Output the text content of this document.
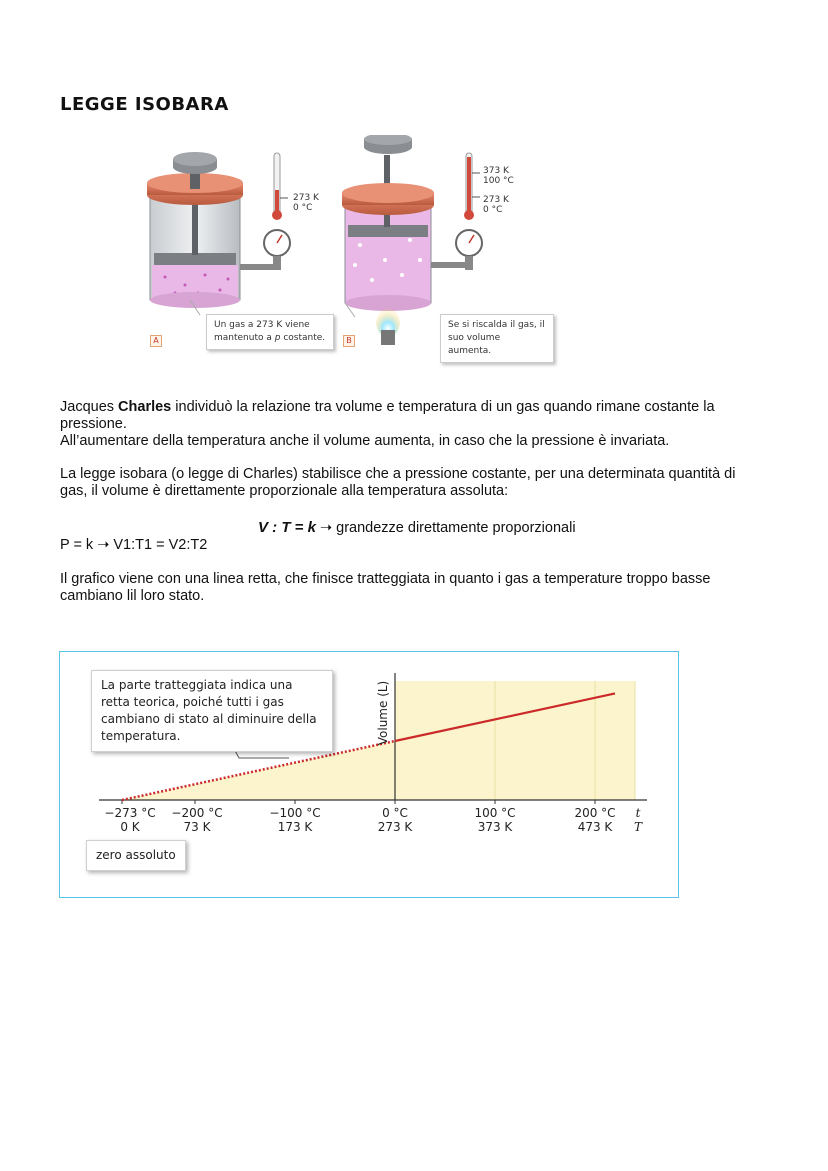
LEGGE ISOBARA
273 K
0 °C
373 K
100 °C
273 K
0 °C
Un gas a 273 K viene
mantenuto a p costante.
Se si riscalda il gas, il
suo volume aumenta.
A	B
Jacques Charles individuò la relazione tra volume e temperatura di un gas quando rimane costante la pressione.
All’aumentare della temperatura anche il volume aumenta, in caso che la pressione è invariata.
La legge isobara (o legge di Charles) stabilisce che a pressione costante, per una determinata quantità di gas, il volume è direttamente proporzionale alla temperatura assoluta:
V : T = k ➝ grandezze direttamente proporzionali
P = k ➝ V1:T1 = V2:T2
Il grafico viene con una linea retta, che finisce tratteggiata in quanto i gas a temperature troppo basse cambiano lil loro stato.
Volume (L)
−273 °C
0 K
−200 °C
73 K
−100 °C
173 K
0 °C
273 K
100 °C
373 K
200 °C
473 K
t
T
La parte tratteggiata indica una retta teorica, poiché tutti i gas cambiano di stato al diminuire della temperatura.
zero assoluto
